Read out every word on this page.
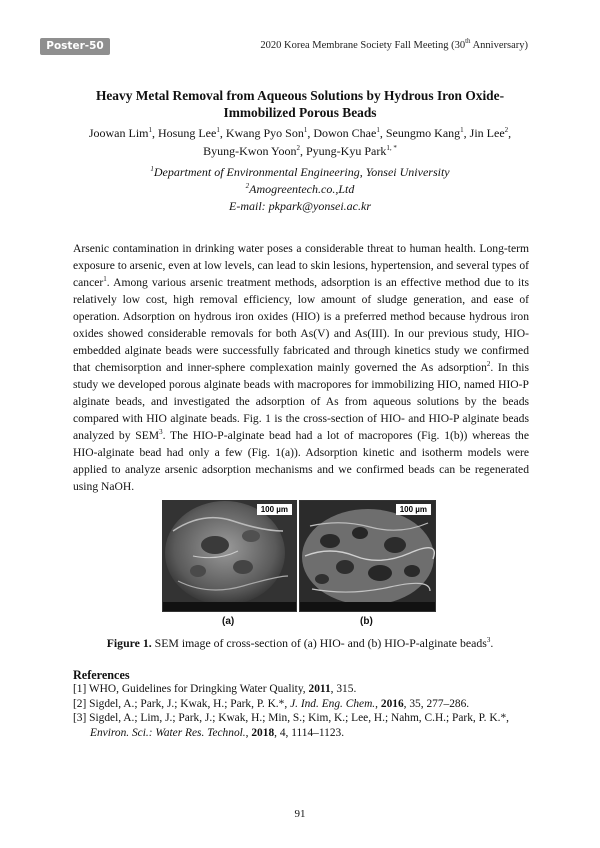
Poster‐50	2020 Korea Membrane Society Fall Meeting (30th Anniversary)
Heavy Metal Removal from Aqueous Solutions by Hydrous Iron Oxide-
Immobilized Porous Beads
Joowan Lim$^1$, Hosung Lee$^1$, Kwang Pyo Son$^1$, Dowon Chae$^1$, Seungmo Kang$^1$, Jin Lee$^2$,
Byung-Kwon Yoon$^2$, Pyung-Kyu Park$^{1, *}$
$^1$Department of Environmental Engineering, Yonsei University
$^2$Amogreentech.co.,Ltd
E-mail: pkpark@yonsei.ac.kr
Arsenic contamination in drinking water poses a considerable threat to human health. Long-term exposure to arsenic, even at low levels, can lead to skin lesions, hypertension, and several types of cancer$^1$. Among various arsenic treatment methods, adsorption is an effective method due to its relatively low cost, high removal efficiency, low amount of sludge generation, and ease of operation. Adsorption on hydrous iron oxides (HIO) is a preferred method because hydrous iron oxides showed considerable removals for both As(V) and As(III). In our previous study, HIO-embedded alginate beads were successfully fabricated and through kinetics study we confirmed that chemisorption and inner-sphere complexation mainly governed the As adsorption$^2$. In this study we developed porous alginate beads with macropores for immobilizing HIO, named HIO-P alginate beads, and investigated the adsorption of As from aqueous solutions by the beads compared with HIO alginate beads. Fig. 1 is the cross-section of HIO- and HIO-P alginate beads analyzed by SEM$^3$. The HIO-P-alginate bead had a lot of macropores (Fig. 1(b)) whereas the HIO-alginate bead had only a few (Fig. 1(a)). Adsorption kinetic and isotherm models were applied to analyze arsenic adsorption mechanisms and we confirmed beads can be regenerated using NaOH.
100 µm	100 µm
(a)	(b)
Figure 1. SEM image of cross-section of (a) HIO- and (b) HIO-P-alginate beads$^3$.
References
[1] WHO, Guidelines for Dringking Water Quality, 2011, 315.
[2] Sigdel, A.; Park, J.; Kwak, H.; Park, P. K.*, J. Ind. Eng. Chem., 2016, 35, 277–286.
[3] Sigdel, A.; Lim, J.; Park, J.; Kwak, H.; Min, S.; Kim, K.; Lee, H.; Nahm, C.H.; Park, P. K.*,
Environ. Sci.: Water Res. Technol., 2018, 4, 1114–1123.
91
